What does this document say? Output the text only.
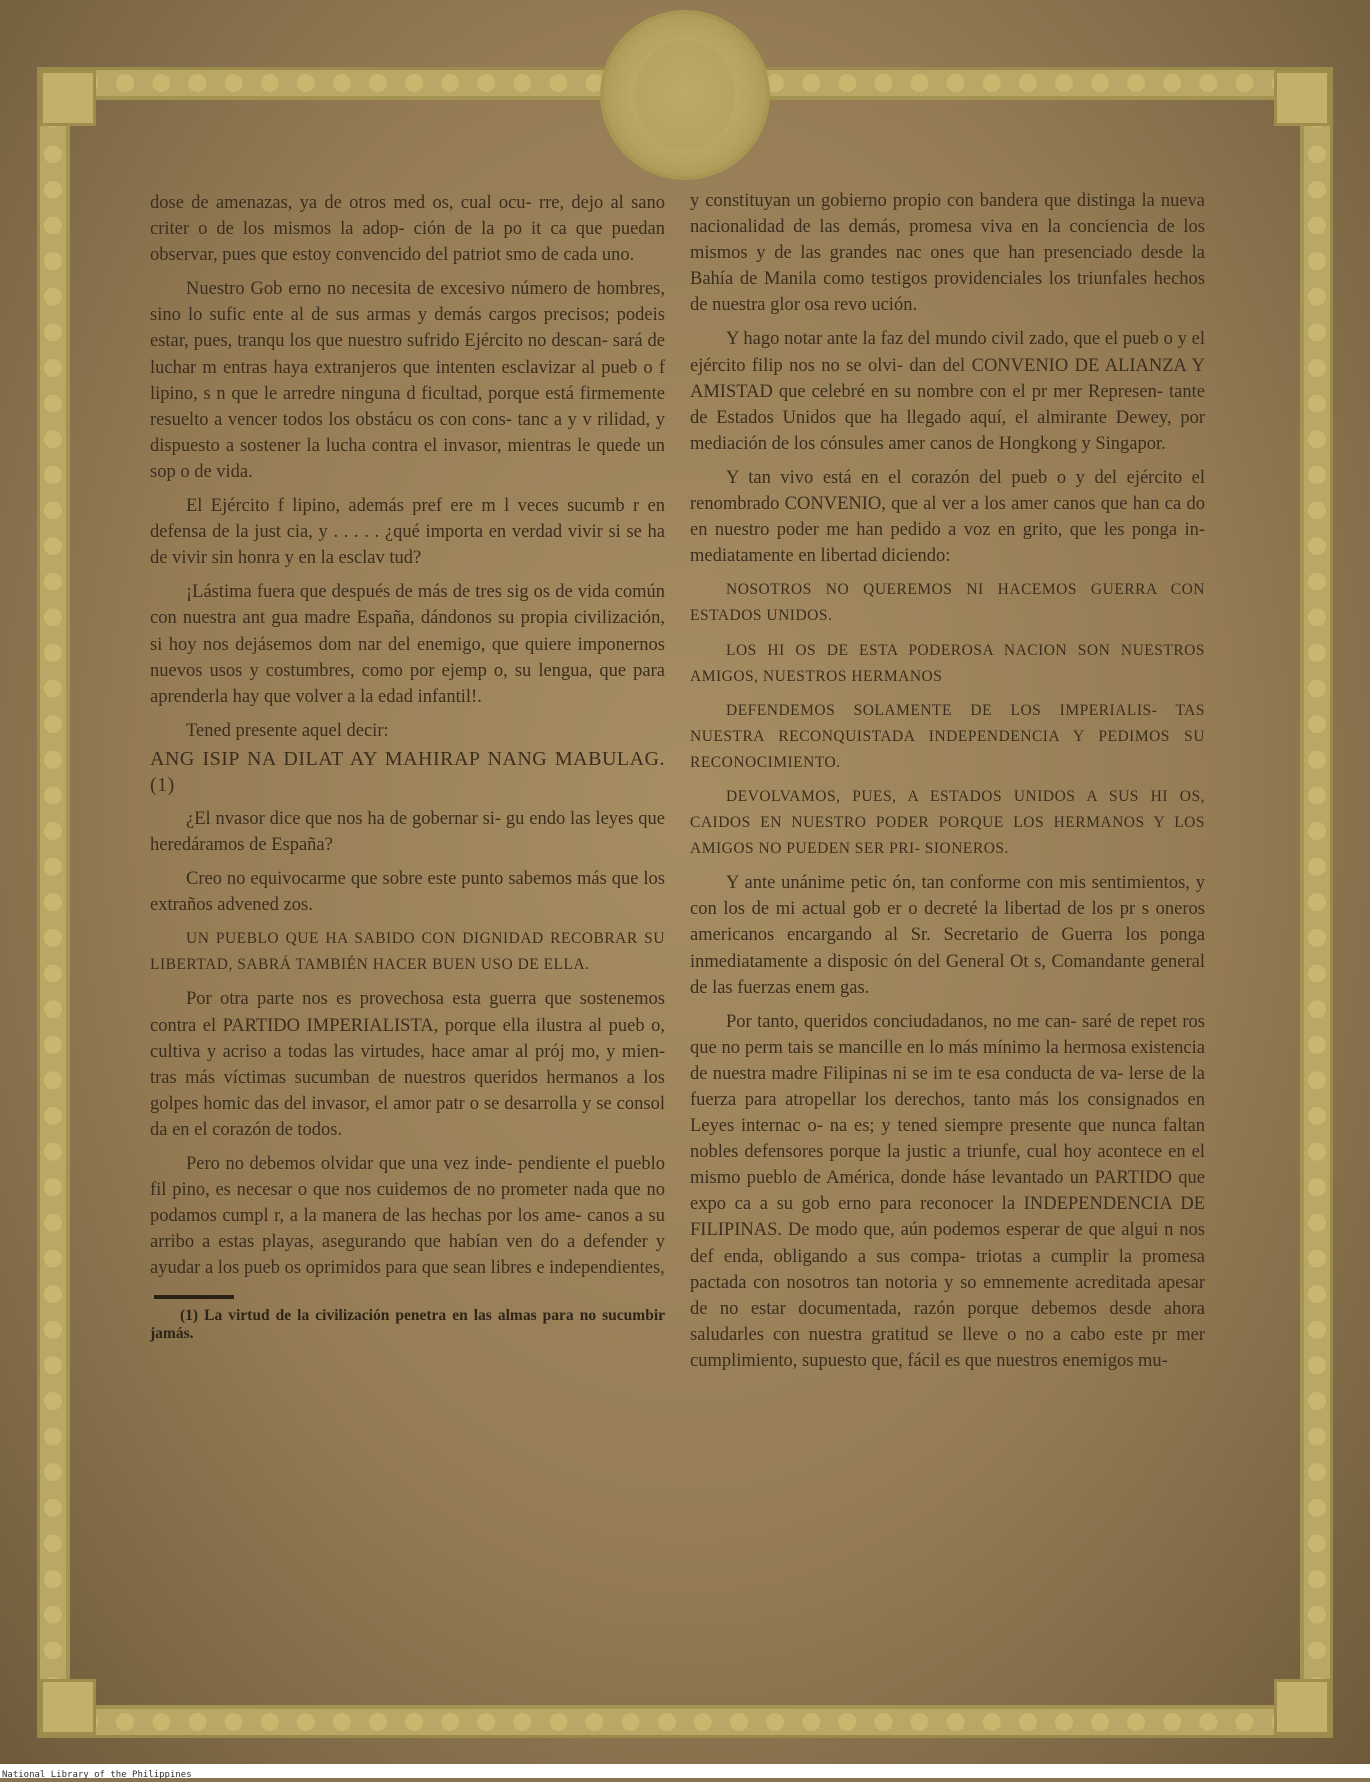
dose de amenazas, ya de otros med os, cual ocu- rre, dejo al sano criter o de los mismos la adop- ción de la po it ca que puedan observar, pues que estoy convencido del patriot smo de cada uno.

Nuestro Gob erno no necesita de excesivo número de hombres, sino lo sufic ente al de sus armas y demás cargos precisos; podeis estar, pues, tranqu los que nuestro sufrido Ejército no descan- sará de luchar m entras haya extranjeros que intenten esclavizar al pueb o f lipino, s n que le arredre ninguna d ficultad, porque está firmemente resuelto a vencer todos los obstácu os con cons- tanc a y v rilidad, y dispuesto a sostener la lucha contra el invasor, mientras le quede un sop o de vida.

El Ejército f lipino, además pref ere m l veces sucumb r en defensa de la just cia, y . . . . . ¿qué importa en verdad vivir si se ha de vivir sin honra y en la esclav tud?

¡Lástima fuera que después de más de tres sig os de vida común con nuestra ant gua madre España, dándonos su propia civilización, si hoy nos dejásemos dom nar del enemigo, que quiere imponernos nuevos usos y costumbres, como por ejemp o, su lengua, que para aprenderla hay que volver a la edad infantil!.

Tened presente aquel decir:

ANG ISIP NA DILAT AY MAHIRAP NANG MABULAG. (1)

¿El nvasor dice que nos ha de gobernar si- gu endo las leyes que heredáramos de España?

Creo no equivocarme que sobre este punto sabemos más que los extraños advened zos.

UN PUEBLO QUE HA SABIDO CON DIGNIDAD RECOBRAR SU LIBERTAD, SABRÁ TAMBIÉN HACER BUEN USO DE ELLA.

Por otra parte nos es provechosa esta guerra que sostenemos contra el PARTIDO IMPERIALISTA, porque ella ilustra al pueb o, cultiva y acriso a todas las virtudes, hace amar al prój mo, y mien- tras más víctimas sucumban de nuestros queridos hermanos a los golpes homic das del invasor, el amor patr o se desarrolla y se consol da en el corazón de todos.

Pero no debemos olvidar que una vez inde- pendiente el pueblo fil pino, es necesar o que nos cuidemos de no prometer nada que no podamos cumpl r, a la manera de las hechas por los ame- canos a su arribo a estas playas, asegurando que habían ven do a defender y ayudar a los pueb os oprimidos para que sean libres e independientes,

(1) La virtud de la civilización penetra en las almas para no sucumbir jamás.

y constituyan un gobierno propio con bandera que distinga la nueva nacionalidad de las demás, promesa viva en la conciencia de los mismos y de las grandes nac ones que han presenciado desde la Bahía de Manila como testigos providenciales los triunfales hechos de nuestra glor osa revo ución.

Y hago notar ante la faz del mundo civil zado, que el pueb o y el ejército filip nos no se olvi- dan del CONVENIO DE ALIANZA Y AMISTAD que celebré en su nombre con el pr mer Represen- tante de Estados Unidos que ha llegado aquí, el almirante Dewey, por mediación de los cónsules amer canos de Hongkong y Singapor.

Y tan vivo está en el corazón del pueb o y del ejército el renombrado CONVENIO, que al ver a los amer canos que han ca do en nuestro poder me han pedido a voz en grito, que les ponga in- mediatamente en libertad diciendo:

NOSOTROS NO QUEREMOS NI HACEMOS GUERRA CON ESTADOS UNIDOS.

LOS HI OS DE ESTA PODEROSA NACION SON NUESTROS AMIGOS, NUESTROS HERMANOS

DEFENDEMOS SOLAMENTE DE LOS IMPERIALIS- TAS NUESTRA RECONQUISTADA INDEPENDENCIA Y PEDIMOS SU RECONOCIMIENTO.

DEVOLVAMOS, PUES, A ESTADOS UNIDOS A SUS HI OS, CAIDOS EN NUESTRO PODER PORQUE LOS HERMANOS Y LOS AMIGOS NO PUEDEN SER PRI- SIONEROS.

Y ante unánime petic ón, tan conforme con mis sentimientos, y con los de mi actual gob er o decreté la libertad de los pr s oneros americanos encargando al Sr. Secretario de Guerra los ponga inmediatamente a disposic ón del General Ot s, Comandante general de las fuerzas enem gas.

Por tanto, queridos conciudadanos, no me can- saré de repet ros que no perm tais se mancille en lo más mínimo la hermosa existencia de nuestra madre Filipinas ni se im te esa conducta de va- lerse de la fuerza para atropellar los derechos, tanto más los consignados en Leyes internac o- na es; y tened siempre presente que nunca faltan nobles defensores porque la justic a triunfe, cual hoy acontece en el mismo pueblo de América, donde háse levantado un PARTIDO que expo ca a su gob erno para reconocer la INDEPENDENCIA DE FILIPINAS. De modo que, aún podemos esperar de que algui n nos def enda, obligando a sus compa- triotas a cumplir la promesa pactada con nosotros tan notoria y so emnemente acreditada apesar de no estar documentada, razón porque debemos desde ahora saludarles con nuestra gratitud se lleve o no a cabo este pr mer cumplimiento, supuesto que, fácil es que nuestros enemigos mu-

National Library of the Philippines
